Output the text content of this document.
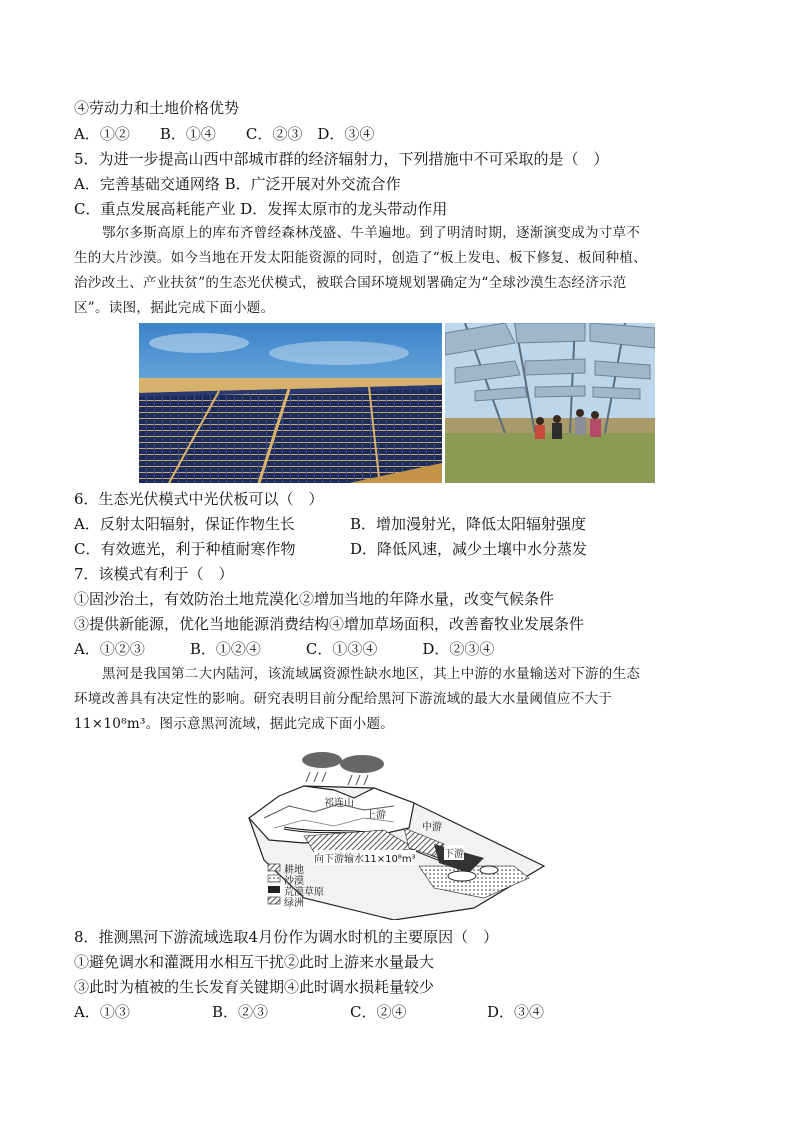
④劳动力和土地价格优势
A．①②　　B．①④　　C．②③　D．③④
5．为进一步提高山西中部城市群的经济辐射力，下列措施中不可采取的是（　）
A．完善基础交通网络 B．广泛开展对外交流合作
C．重点发展高耗能产业 D．发挥太原市的龙头带动作用
鄂尔多斯高原上的库布齐曾经森林茂盛、牛羊遍地。到了明清时期，逐渐演变成为寸草不
生的大片沙漠。如今当地在开发太阳能资源的同时，创造了“板上发电、板下修复、板间种植、
治沙改土、产业扶贫”的生态光伏模式，被联合国环境规划署确定为“全球沙漠生态经济示范
区”。读图，据此完成下面小题。
6．生态光伏模式中光伏板可以（　）
A．反射太阳辐射，保证作物生长	B．增加漫射光，降低太阳辐射强度
C．有效遮光，利于种植耐寒作物	D．降低风速，减少土壤中水分蒸发
7．该模式有利于（　）
①固沙治土，有效防治土地荒漠化②增加当地的年降水量，改变气候条件
③提供新能源，优化当地能源消费结构④增加草场面积，改善畜牧业发展条件
A．①②③　　　B．①②④　　　C．①③④　　　D．②③④
黑河是我国第二大内陆河，该流域属资源性缺水地区，其上中游的水量输送对下游的生态
环境改善具有决定性的影响。研究表明目前分配给黑河下游流域的最大水量阈值应不大于
11×10⁸m³。图示意黑河流域，据此完成下面小题。
祁连山
上游
中游
下游
向下游输水11×10⁸m³
耕地
沙漠
荒漠草原
绿洲
8．推测黑河下游流域选取4月份作为调水时机的主要原因（　）
①避免调水和灌溉用水相互干扰②此时上游来水量最大
③此时为植被的生长发育关键期④此时调水损耗量较少
A．①③	B．②③	C．②④	D．③④
